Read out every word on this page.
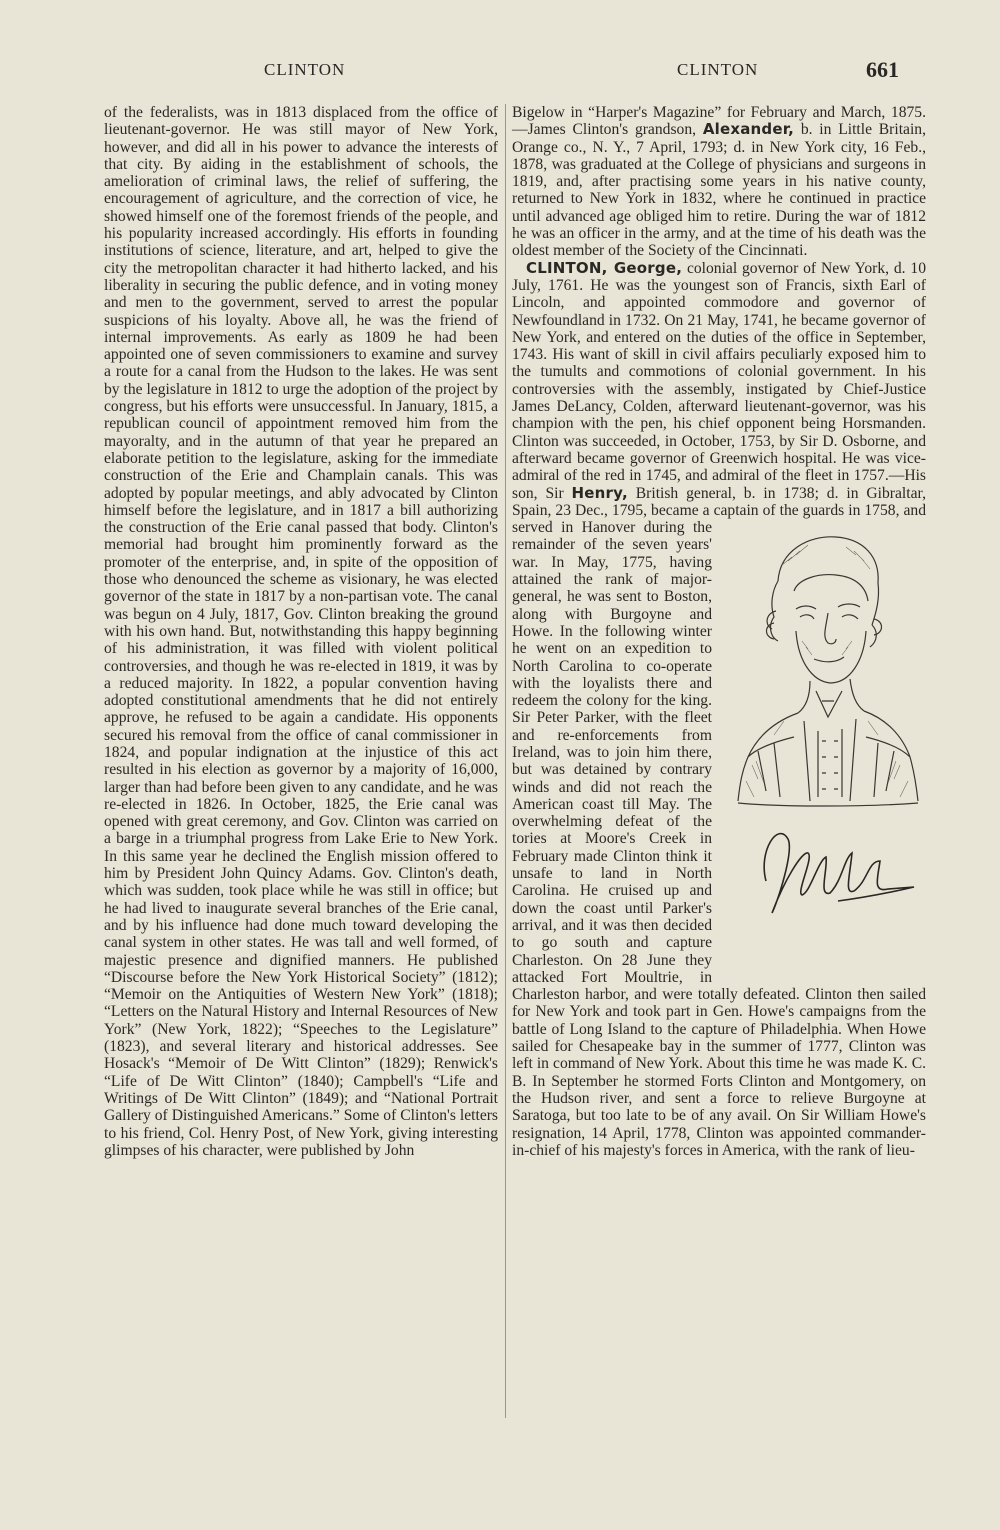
CLINTON	CLINTON	661

of the federalists, was in 1813 displaced from the office of lieutenant-governor. He was still mayor of New York, however, and did all in his power to advance the interests of that city. By aiding in the establishment of schools, the amelioration of criminal laws, the relief of suffering, the encouragement of agriculture, and the correction of vice, he showed himself one of the foremost friends of the people, and his popularity increased accordingly. His efforts in founding institutions of science, literature, and art, helped to give the city the metropolitan character it had hitherto lacked, and his liberality in securing the public defence, and in voting money and men to the government, served to arrest the popular suspicions of his loyalty. Above all, he was the friend of internal improvements. As early as 1809 he had been appointed one of seven commissioners to examine and survey a route for a canal from the Hudson to the lakes. He was sent by the legislature in 1812 to urge the adoption of the project by congress, but his efforts were unsuccessful. In January, 1815, a republican council of appointment removed him from the mayoralty, and in the autumn of that year he prepared an elaborate petition to the legislature, asking for the immediate construction of the Erie and Champlain canals. This was adopted by popular meetings, and ably advocated by Clinton himself before the legislature, and in 1817 a bill authorizing the construction of the Erie canal passed that body. Clinton's memorial had brought him prominently forward as the promoter of the enterprise, and, in spite of the opposition of those who denounced the scheme as visionary, he was elected governor of the state in 1817 by a non-partisan vote. The canal was begun on 4 July, 1817, Gov. Clinton breaking the ground with his own hand. But, notwithstanding this happy beginning of his administration, it was filled with violent political controversies, and though he was re-elected in 1819, it was by a reduced majority. In 1822, a popular convention having adopted constitutional amendments that he did not entirely approve, he refused to be again a candidate. His opponents secured his removal from the office of canal commissioner in 1824, and popular indignation at the injustice of this act resulted in his election as governor by a majority of 16,000, larger than had before been given to any candidate, and he was re-elected in 1826. In October, 1825, the Erie canal was opened with great ceremony, and Gov. Clinton was carried on a barge in a triumphal progress from Lake Erie to New York. In this same year he declined the English mission offered to him by President John Quincy Adams. Gov. Clinton's death, which was sudden, took place while he was still in office; but he had lived to inaugurate several branches of the Erie canal, and by his influence had done much toward developing the canal system in other states. He was tall and well formed, of majestic presence and dignified manners. He published “Discourse before the New York Historical Society” (1812); “Memoir on the Antiquities of Western New York” (1818); “Letters on the Natural History and Internal Resources of New York” (New York, 1822); “Speeches to the Legislature” (1823), and several literary and historical addresses. See Hosack's “Memoir of De Witt Clinton” (1829); Renwick's “Life of De Witt Clinton” (1840); Campbell's “Life and Writings of De Witt Clinton” (1849); and “National Portrait Gallery of Distinguished Americans.” Some of Clinton's letters to his friend, Col. Henry Post, of New York, giving interesting glimpses of his character, were published by John

Bigelow in “Harper's Magazine” for February and March, 1875.—James Clinton's grandson, Alexander, b. in Little Britain, Orange co., N. Y., 7 April, 1793; d. in New York city, 16 Feb., 1878, was graduated at the College of physicians and surgeons in 1819, and, after practising some years in his native county, returned to New York in 1832, where he continued in practice until advanced age obliged him to retire. During the war of 1812 he was an officer in the army, and at the time of his death was the oldest member of the Society of the Cincinnati.

CLINTON, George, colonial governor of New York, d. 10 July, 1761. He was the youngest son of Francis, sixth Earl of Lincoln, and appointed commodore and governor of Newfoundland in 1732. On 21 May, 1741, he became governor of New York, and entered on the duties of the office in September, 1743. His want of skill in civil affairs peculiarly exposed him to the tumults and commotions of colonial government. In his controversies with the assembly, instigated by Chief-Justice James DeLancy, Colden, afterward lieutenant-governor, was his champion with the pen, his chief opponent being Horsmanden. Clinton was succeeded, in October, 1753, by Sir D. Osborne, and afterward became governor of Greenwich hospital. He was vice-admiral of the red in 1745, and admiral of the fleet in 1757.—His son, Sir Henry, British general, b. in 1738; d. in Gibraltar, Spain, 23 Dec., 1795, became a captain of the guards in 1758,
H Clinton
and served in Hanover during the remainder of the seven years' war. In May, 1775, having attained the rank of major-general, he was sent to Boston, along with Burgoyne and Howe. In the following winter he went on an expedition to North Carolina to co-operate with the loyalists there and redeem the colony for the king. Sir Peter Parker, with the fleet and re-enforcements from Ireland, was to join him there, but was detained by contrary winds and did not reach the American coast till May. The overwhelming defeat of the tories at Moore's Creek in February made Clinton think it unsafe to land in North Carolina. He cruised up and down the coast until Parker's arrival, and it was then decided to go south and capture Charleston. On 28 June they attacked Fort Moultrie, in Charleston harbor, and were totally defeated. Clinton then sailed for New York and took part in Gen. Howe's campaigns from the battle of Long Island to the capture of Philadelphia. When Howe sailed for Chesapeake bay in the summer of 1777, Clinton was left in command of New York. About this time he was made K. C. B. In September he stormed Forts Clinton and Montgomery, on the Hudson river, and sent a force to relieve Burgoyne at Saratoga, but too late to be of any avail. On Sir William Howe's resignation, 14 April, 1778, Clinton was appointed commander-in-chief of his majesty's forces in America, with the rank of lieu-
